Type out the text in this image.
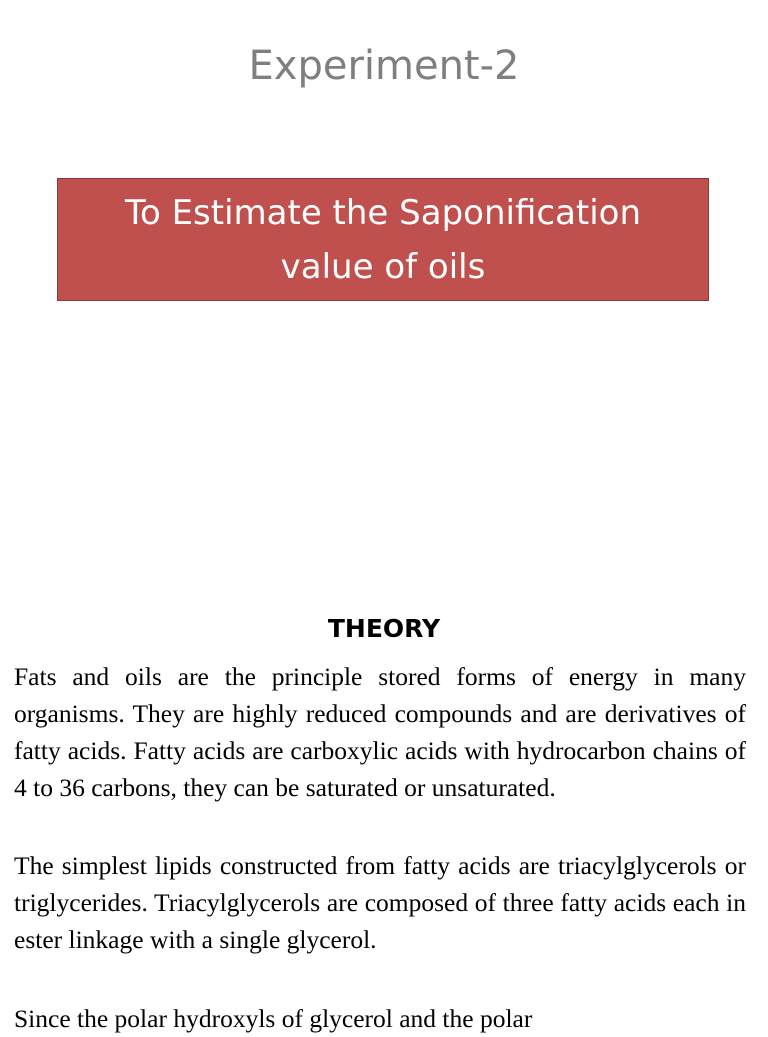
Experiment-2
To Estimate the Saponification
value of oils
THEORY

Fats and oils are the principle stored forms of energy in many organisms. They are highly reduced compounds and are derivatives of fatty acids. Fatty acids are carboxylic acids with hydrocarbon chains of 4 to 36 carbons, they can be saturated or unsaturated.

The simplest lipids constructed from fatty acids are triacylglycerols or triglycerides. Triacylglycerols are composed of three fatty acids each in ester linkage with a single glycerol.

Since the polar hydroxyls of glycerol and the polar
